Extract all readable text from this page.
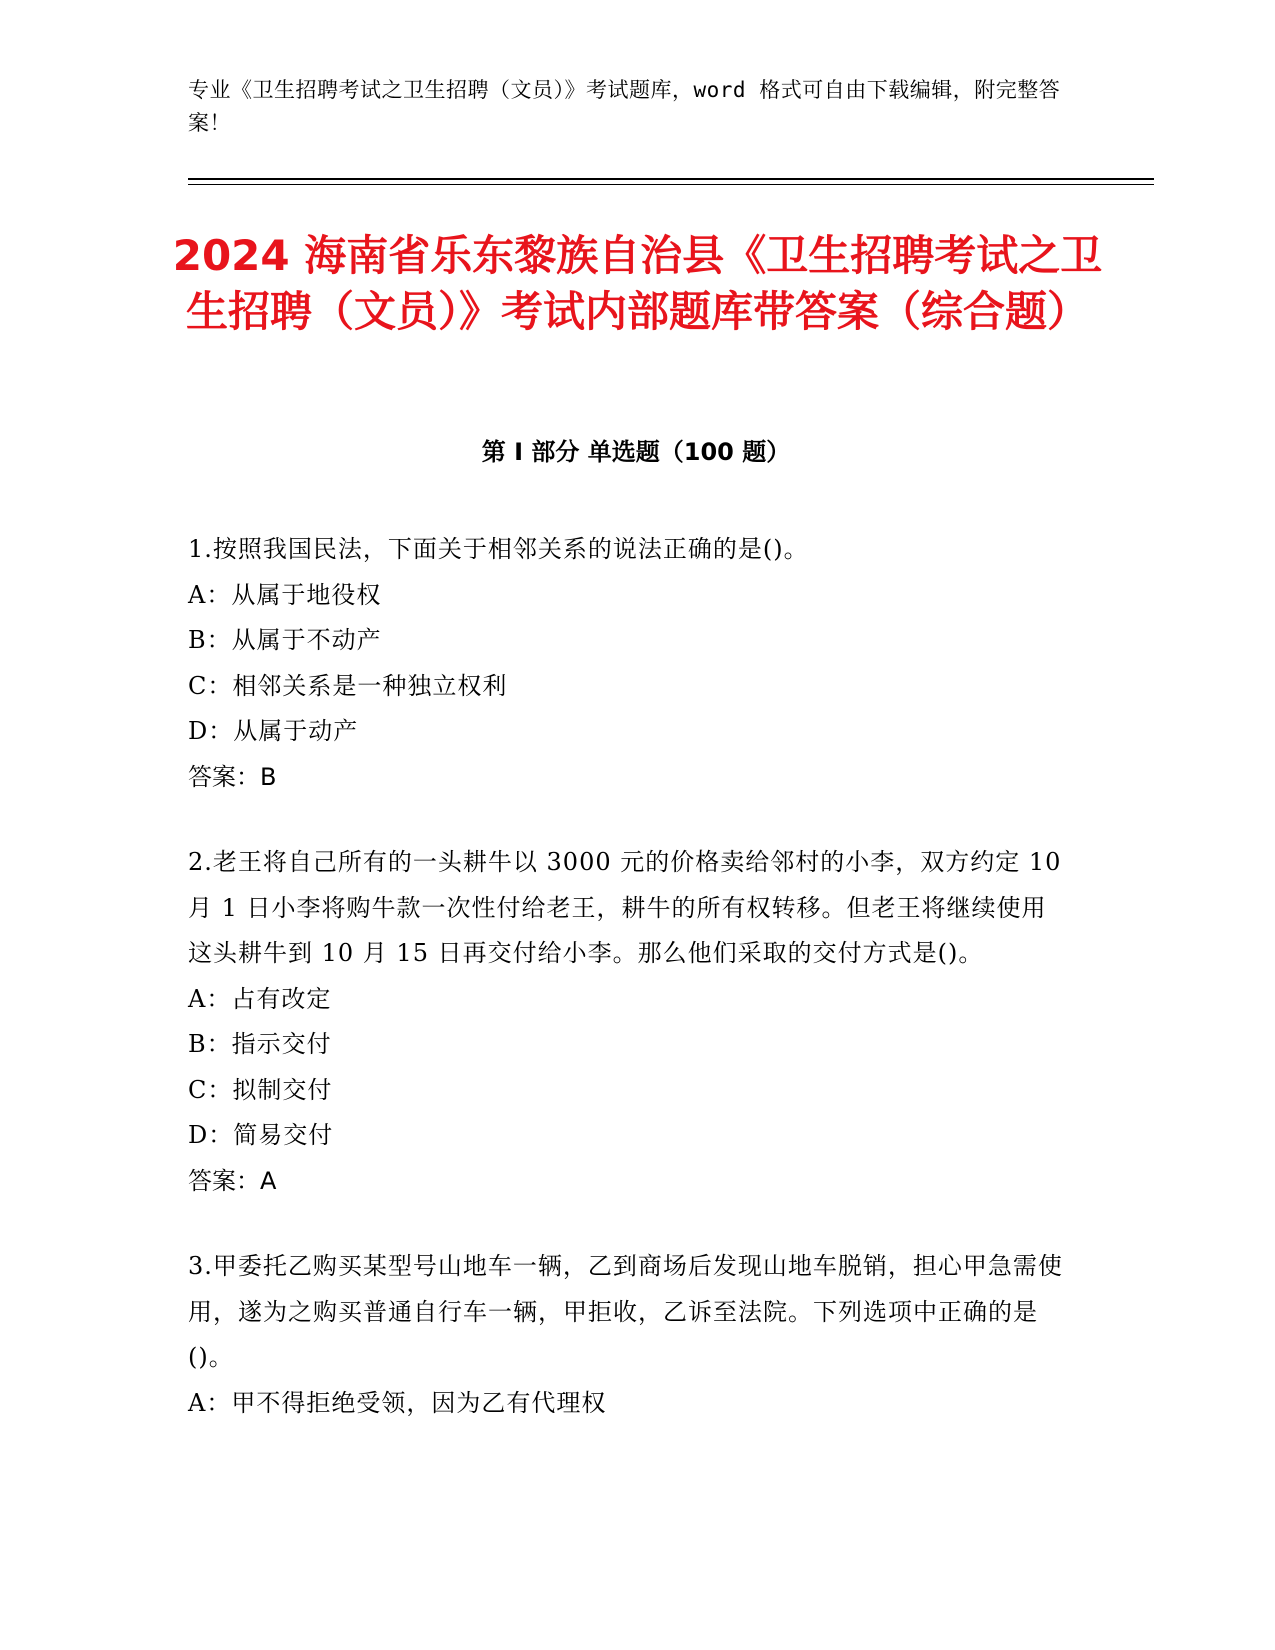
专业《卫生招聘考试之卫生招聘（文员）》考试题库，word 格式可自由下载编辑，附完整答案！
2024 海南省乐东黎族自治县《卫生招聘考试之卫生招聘（文员）》考试内部题库带答案（综合题）
第 I 部分 单选题（100 题）

1.按照我国民法，下面关于相邻关系的说法正确的是()。

A：从属于地役权

B：从属于不动产

C：相邻关系是一种独立权利

D：从属于动产

答案：B

2.老王将自己所有的一头耕牛以 3000 元的价格卖给邻村的小李，双方约定 10 月 1 日小李将购牛款一次性付给老王，耕牛的所有权转移。但老王将继续使用这头耕牛到 10 月 15 日再交付给小李。那么他们采取的交付方式是()。

A：占有改定

B：指示交付

C：拟制交付

D：简易交付

答案：A

3.甲委托乙购买某型号山地车一辆，乙到商场后发现山地车脱销，担心甲急需使用，遂为之购买普通自行车一辆，甲拒收，乙诉至法院。下列选项中正确的是()。

A：甲不得拒绝受领，因为乙有代理权
